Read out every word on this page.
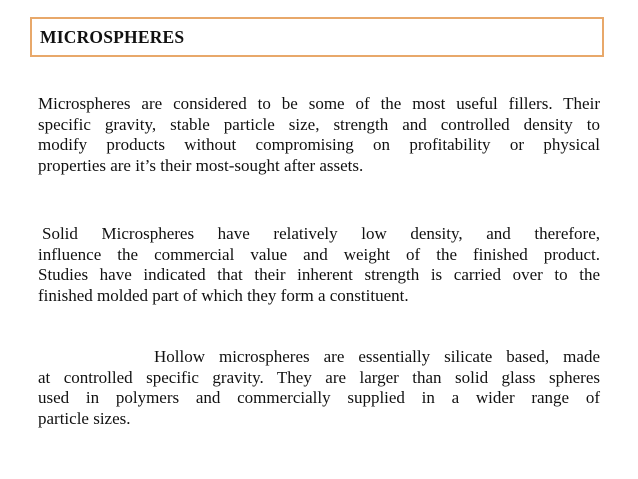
MICROSPHERES
Microspheres are considered to be some of the most useful fillers. Their
specific gravity, stable particle size, strength and controlled density to
modify products without compromising on profitability or physical
properties are it’s their most-sought after assets.
Solid Microspheres have relatively low density, and therefore,
influence the commercial value and weight of the finished product.
Studies have indicated that their inherent strength is carried over to the
finished molded part of which they form a constituent.
Hollow microspheres are essentially silicate based, made
at controlled specific gravity. They are larger than solid glass spheres
used in polymers and commercially supplied in a wider range of
particle sizes.
